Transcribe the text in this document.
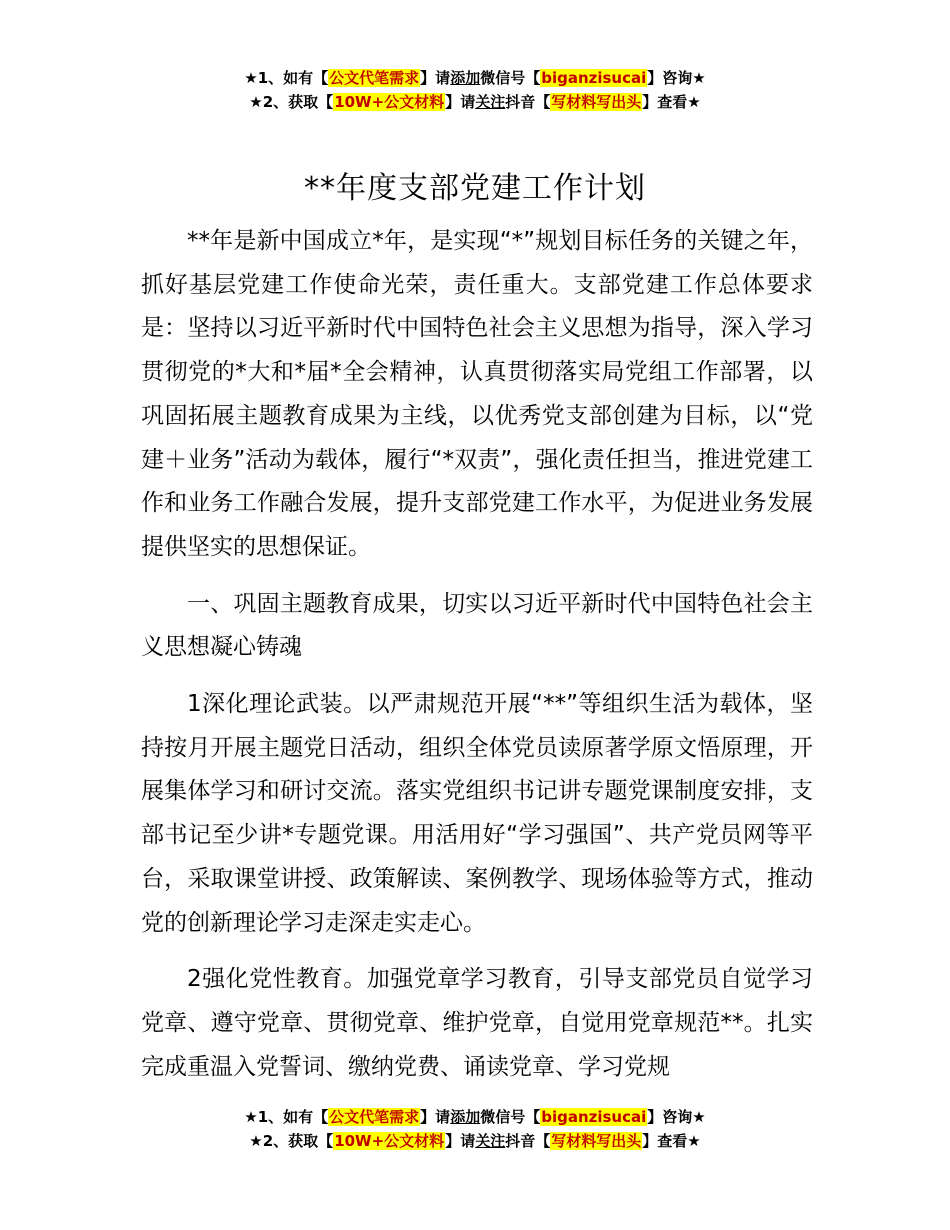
★1、如有【公文代笔需求】请添加微信号【biganzisucai】咨询★
★2、获取【10W+公文材料】请关注抖音【写材料写出头】查看★
**年度支部党建工作计划

**年是新中国成立*年，是实现“*”规划目标任务的关键之年，抓好基层党建工作使命光荣，责任重大。支部党建工作总体要求是：坚持以习近平新时代中国特色社会主义思想为指导，深入学习贯彻党的*大和*届*全会精神，认真贯彻落实局党组工作部署，以巩固拓展主题教育成果为主线，以优秀党支部创建为目标，以“党建＋业务”活动为载体，履行“*双责”，强化责任担当，推进党建工作和业务工作融合发展，提升支部党建工作水平，为促进业务发展提供坚实的思想保证。

一、巩固主题教育成果，切实以习近平新时代中国特色社会主义思想凝心铸魂

1深化理论武装。以严肃规范开展“**”等组织生活为载体，坚持按月开展主题党日活动，组织全体党员读原著学原文悟原理，开展集体学习和研讨交流。落实党组织书记讲专题党课制度安排，支部书记至少讲*专题党课。用活用好“学习强国”、共产党员网等平台，采取课堂讲授、政策解读、案例教学、现场体验等方式，推动党的创新理论学习走深走实走心。

2强化党性教育。加强党章学习教育，引导支部党员自觉学习党章、遵守党章、贯彻党章、维护党章，自觉用党章规范**。扎实完成重温入党誓词、缴纳党费、诵读党章、学习党规

★1、如有【公文代笔需求】请添加微信号【biganzisucai】咨询★
★2、获取【10W+公文材料】请关注抖音【写材料写出头】查看★
